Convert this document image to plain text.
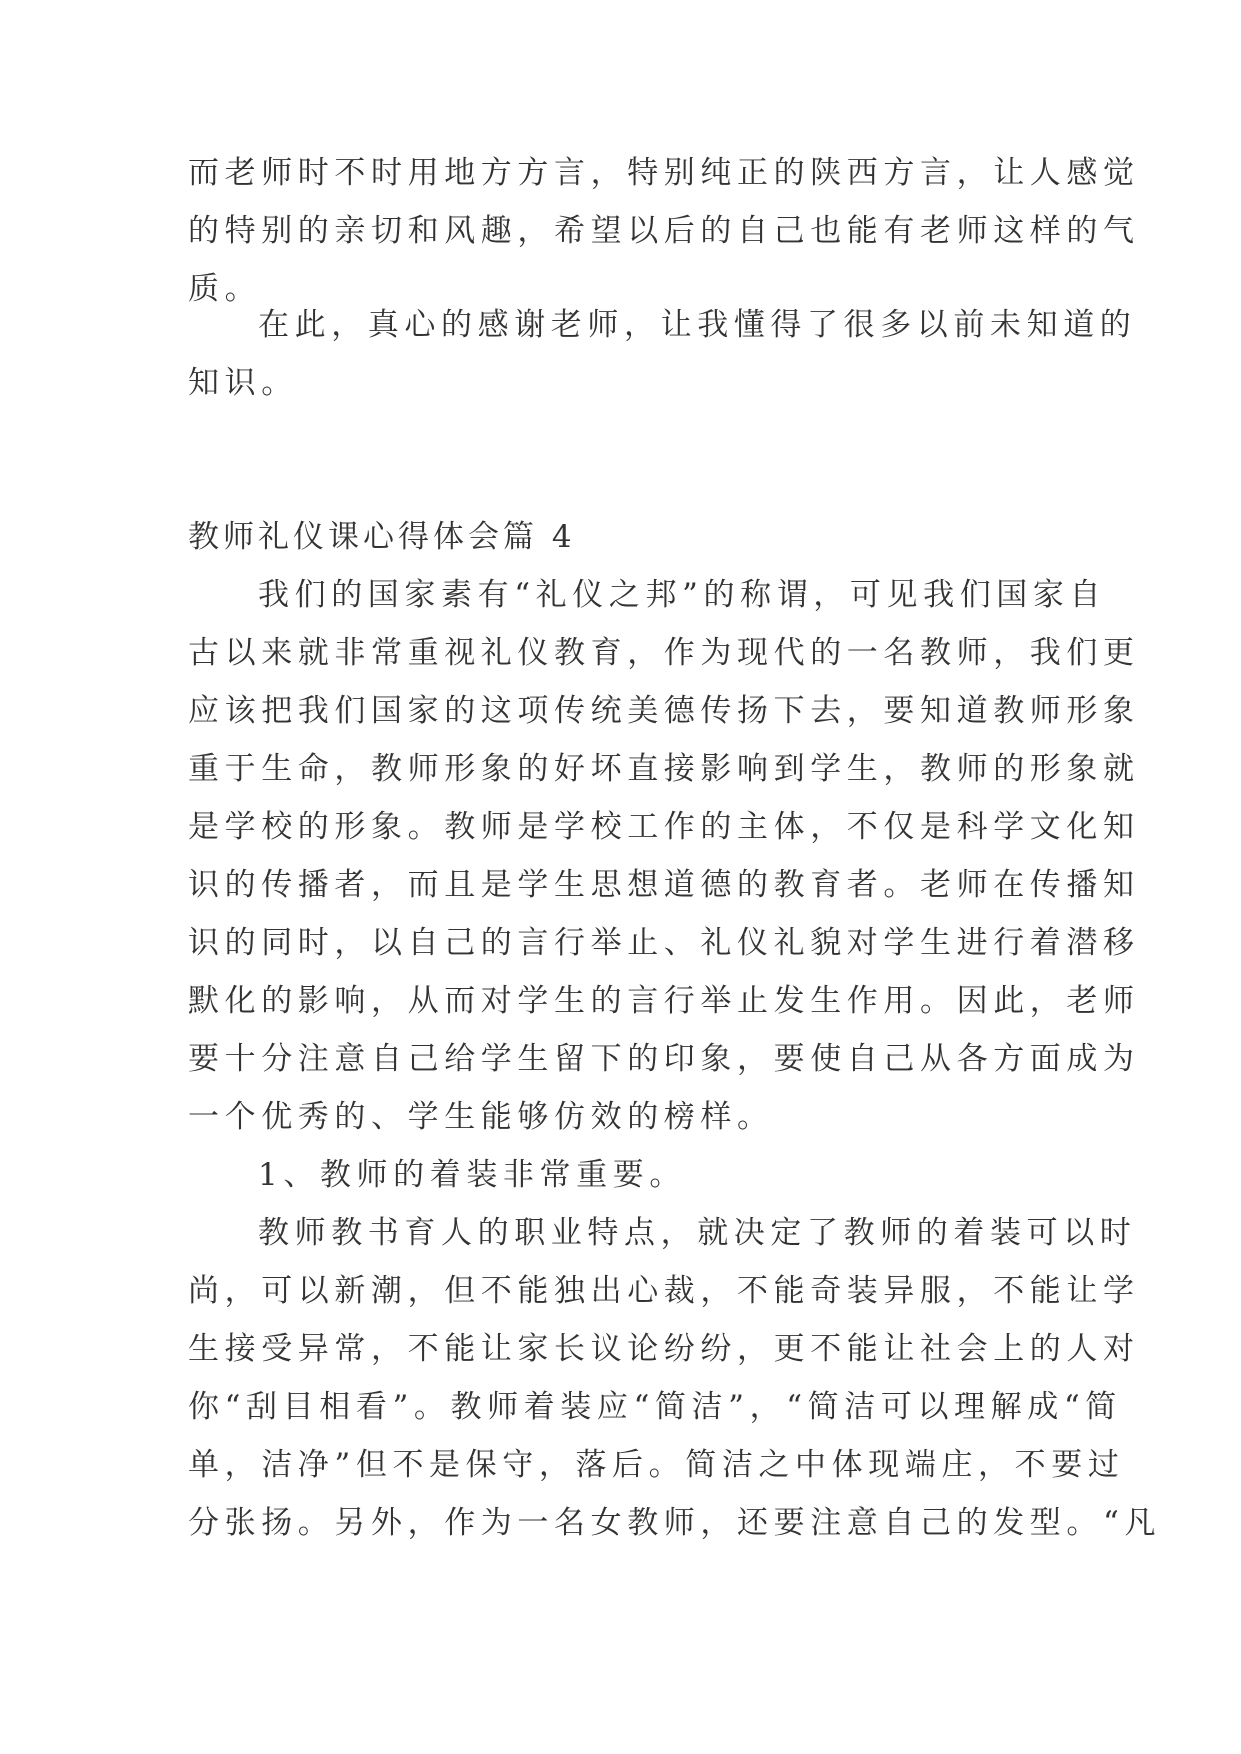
而老师时不时用地方方言，特别纯正的陕西方言，让人感觉
的特别的亲切和风趣，希望以后的自己也能有老师这样的气
质。
在此，真心的感谢老师，让我懂得了很多以前未知道的
知识。
教师礼仪课心得体会篇 4
我们的国家素有“礼仪之邦”的称谓，可见我们国家自
古以来就非常重视礼仪教育，作为现代的一名教师，我们更
应该把我们国家的这项传统美德传扬下去，要知道教师形象
重于生命，教师形象的好坏直接影响到学生，教师的形象就
是学校的形象。教师是学校工作的主体，不仅是科学文化知
识的传播者，而且是学生思想道德的教育者。老师在传播知
识的同时，以自己的言行举止、礼仪礼貌对学生进行着潜移
默化的影响，从而对学生的言行举止发生作用。因此，老师
要十分注意自己给学生留下的印象，要使自己从各方面成为
一个优秀的、学生能够仿效的榜样。
1、教师的着装非常重要。
教师教书育人的职业特点，就决定了教师的着装可以时
尚，可以新潮，但不能独出心裁，不能奇装异服，不能让学
生接受异常，不能让家长议论纷纷，更不能让社会上的人对
你“刮目相看”。教师着装应“简洁”，“简洁可以理解成“简
单，洁净”但不是保守，落后。简洁之中体现端庄，不要过
分张扬。另外，作为一名女教师，还要注意自己的发型。“凡
